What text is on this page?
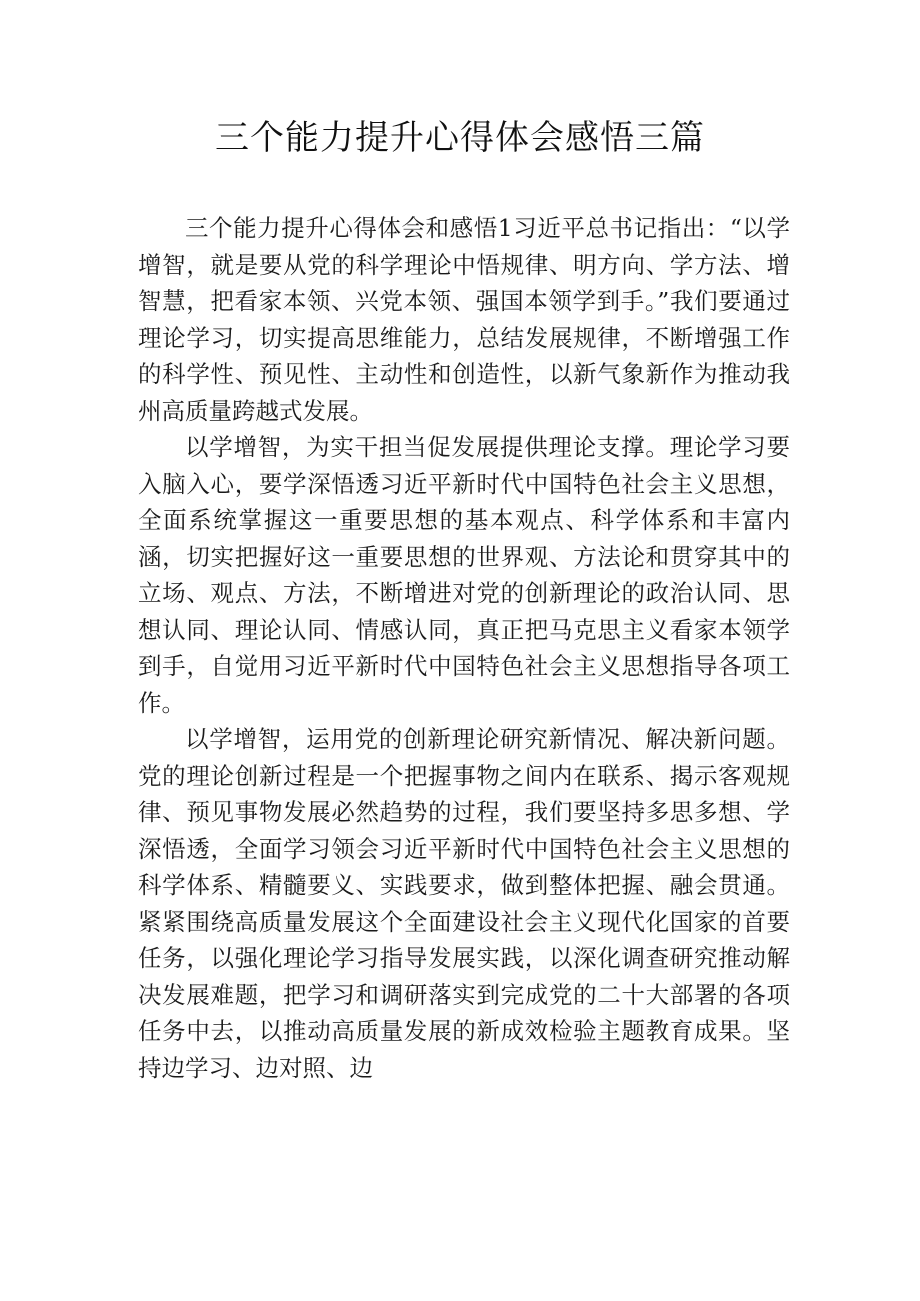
三个能力提升心得体会感悟三篇

三个能力提升心得体会和感悟1习近平总书记指出：“以学增智，就是要从党的科学理论中悟规律、明方向、学方法、增智慧，把看家本领、兴党本领、强国本领学到手。”我们要通过理论学习，切实提高思维能力，总结发展规律，不断增强工作的科学性、预见性、主动性和创造性，以新气象新作为推动我州高质量跨越式发展。

以学增智，为实干担当促发展提供理论支撑。理论学习要入脑入心，要学深悟透习近平新时代中国特色社会主义思想，全面系统掌握这一重要思想的基本观点、科学体系和丰富内涵，切实把握好这一重要思想的世界观、方法论和贯穿其中的立场、观点、方法，不断增进对党的创新理论的政治认同、思想认同、理论认同、情感认同，真正把马克思主义看家本领学到手，自觉用习近平新时代中国特色社会主义思想指导各项工作。

以学增智，运用党的创新理论研究新情况、解决新问题。党的理论创新过程是一个把握事物之间内在联系、揭示客观规律、预见事物发展必然趋势的过程，我们要坚持多思多想、学深悟透，全面学习领会习近平新时代中国特色社会主义思想的科学体系、精髓要义、实践要求，做到整体把握、融会贯通。紧紧围绕高质量发展这个全面建设社会主义现代化国家的首要任务，以强化理论学习指导发展实践，以深化调查研究推动解决发展难题，把学习和调研落实到完成党的二十大部署的各项任务中去，以推动高质量发展的新成效检验主题教育成果。坚持边学习、边对照、边
